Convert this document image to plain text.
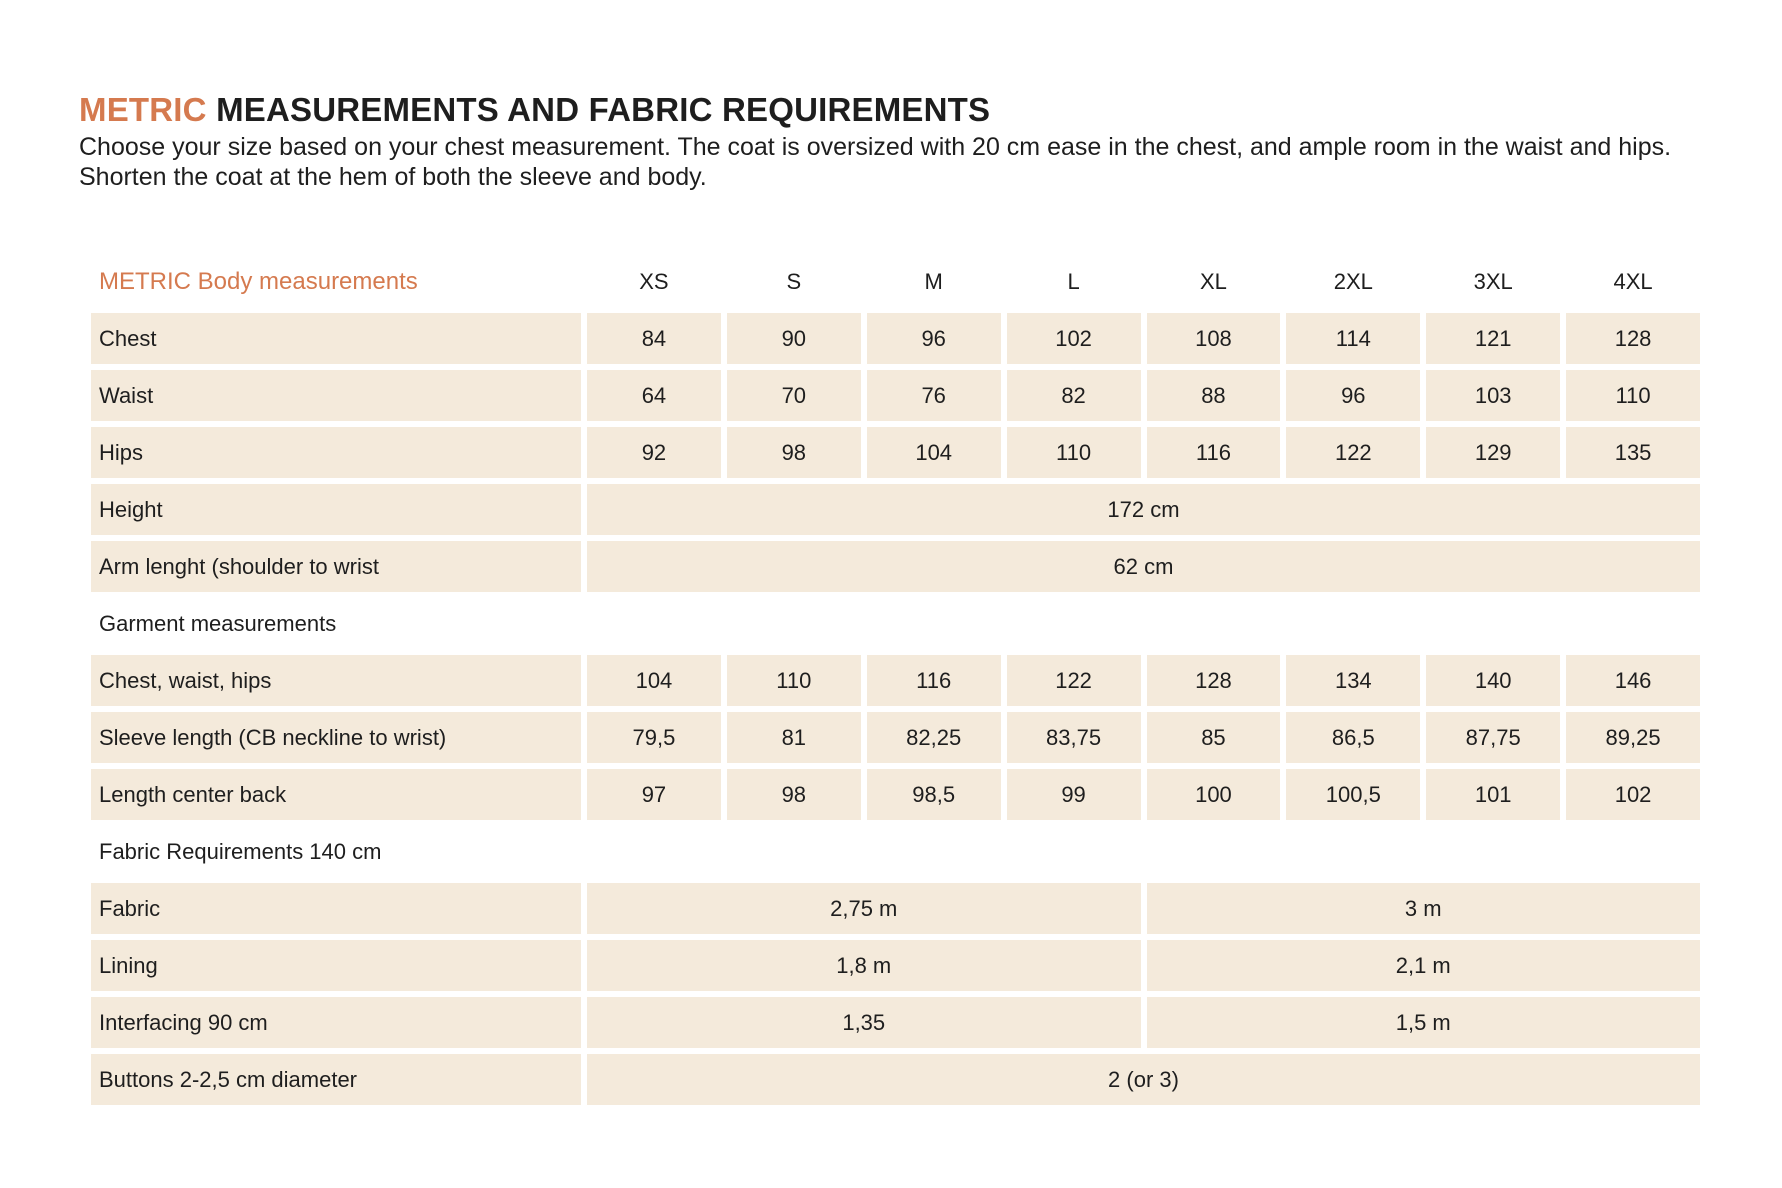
METRIC MEASUREMENTS AND FABRIC REQUIREMENTS

Choose your size based on your chest measurement. The coat is oversized with 20 cm ease in the chest, and ample room in the waist and hips. Shorten the coat at the hem of both the sleeve and body.

METRIC Body measurements	XS	S	M	L	XL	2XL	3XL	4XL
Chest	84	90	96	102	108	114	121	128
Waist	64	70	76	82	88	96	103	110
Hips	92	98	104	110	116	122	129	135
Height	172 cm							
Arm lenght (shoulder to wrist	62 cm							
Garment measurements								
Chest, waist, hips	104	110	116	122	128	134	140	146
Sleeve length (CB neckline to wrist)	79,5	81	82,25	83,75	85	86,5	87,75	89,25
Length center back	97	98	98,5	99	100	100,5	101	102
Fabric Requirements 140 cm								
Fabric	2,75 m				3 m			
Lining	1,8 m				2,1 m			
Interfacing 90 cm	1,35				1,5 m			
Buttons 2-2,5 cm diameter	2 (or 3)							
